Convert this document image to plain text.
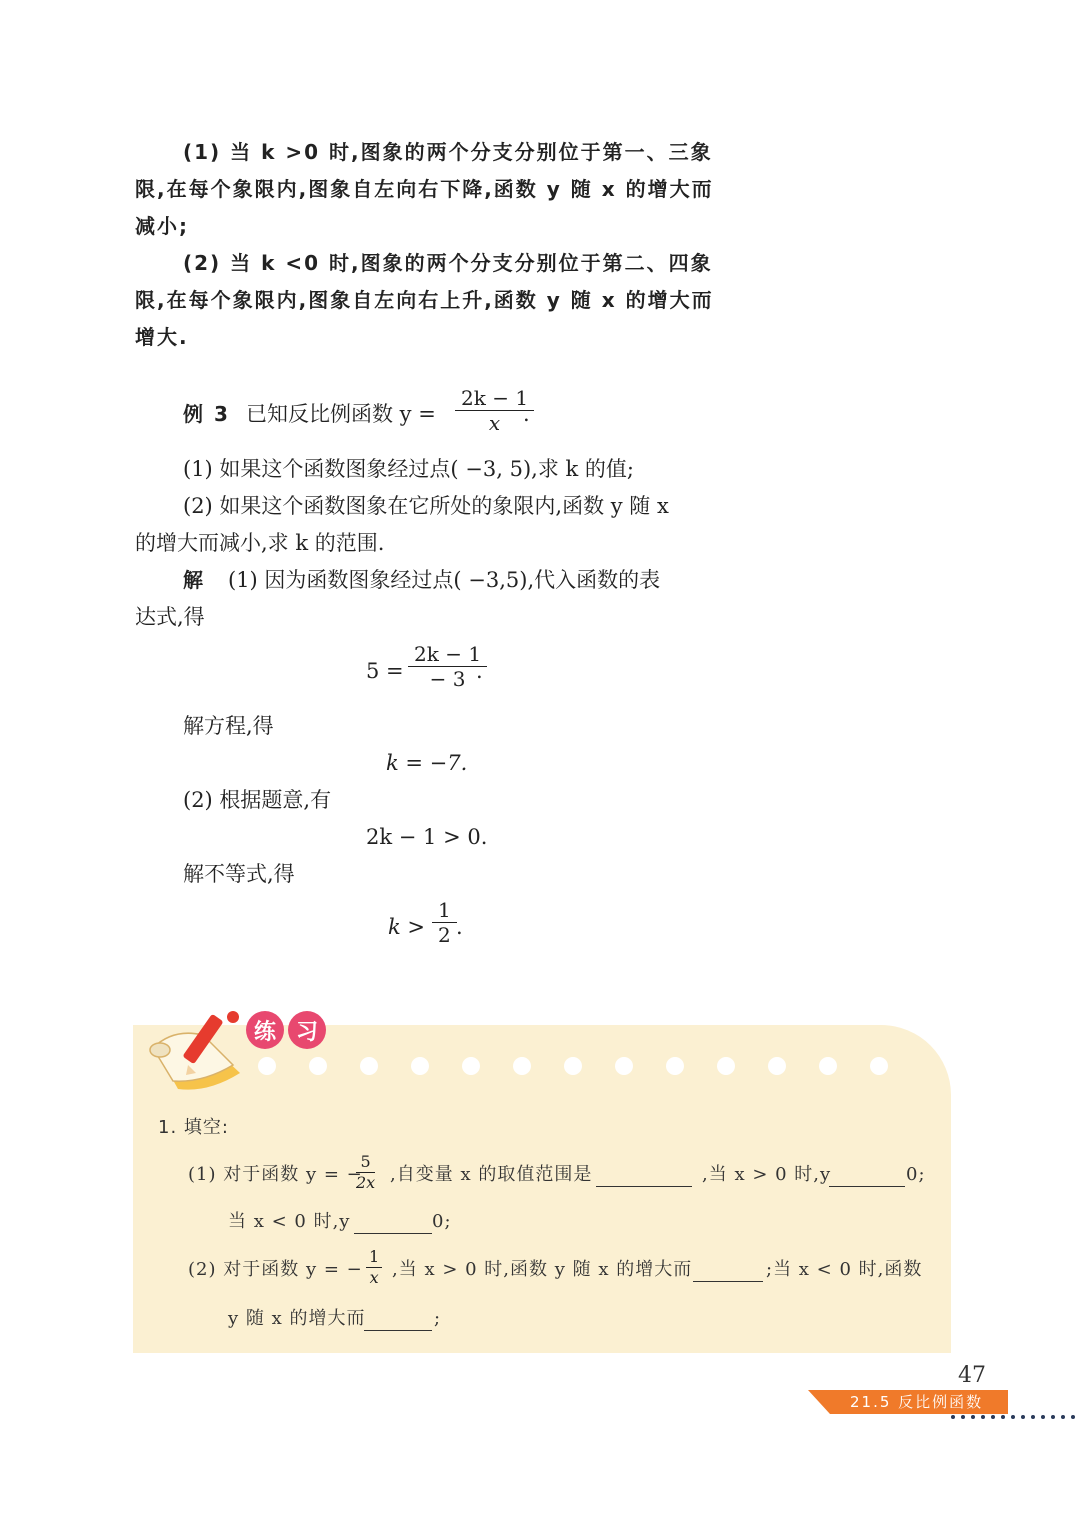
(1) 当 k >0 时,图象的两个分支分别位于第一、三象
限,在每个象限内,图象自左向右下降,函数 y 随 x 的增大而
减小;
(2) 当 k <0 时,图象的两个分支分别位于第二、四象
限,在每个象限内,图象自左向右上升,函数 y 随 x 的增大而
增大.
例 3 已知反比例函数 $y = \frac{2k - 1}{x}$
.
(1) 如果这个函数图象经过点( −3, 5),求 k 的值;
(2) 如果这个函数图象在它所处的象限内,函数 y 随 x
的增大而减小,求 k 的范围.
解 (1) 因为函数图象经过点( −3,5),代入函数的表
达式,得
$5 = \frac{2k - 1}{- 3}$
.
解方程,得
k = −7.
(2) 根据题意,有
2k − 1 > 0.
解不等式,得
$k > \frac{1}{2}$ .
练 习
1. 填空:
(1) 对于函数 y = −
$\frac{5}{2x}$ ,自变量 x 的取值范围是	,当 x > 0 时,y	0;
当 x < 0 时,y	0;
(2) 对于函数 y = − $\frac{1}{x}$ ,当 x > 0 时,函数 y 随 x 的增大而	;当 x < 0 时,函数
y 随 x 的增大而	;
47
21.5 反比例函数
